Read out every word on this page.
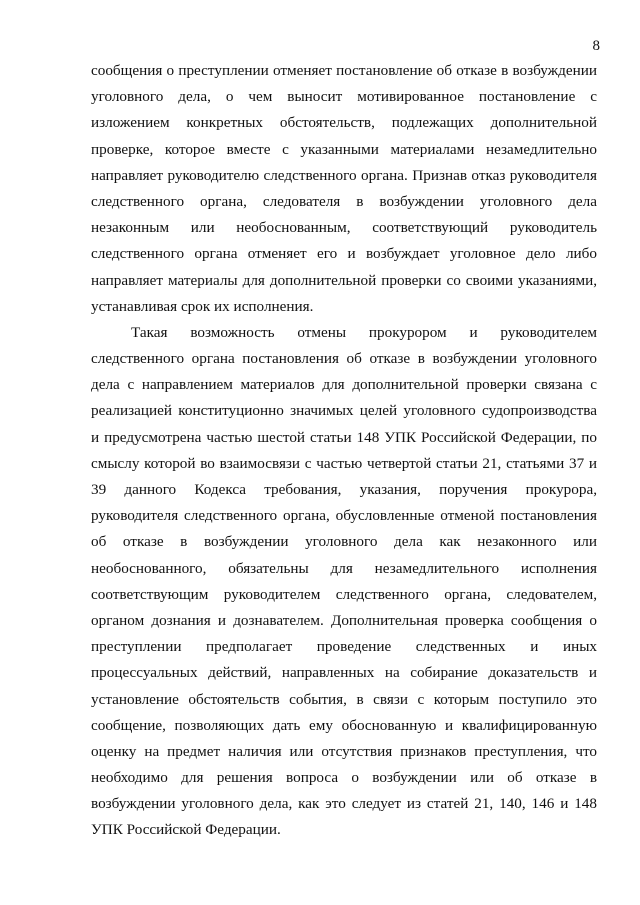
8
сообщения о преступлении отменяет постановление об отказе в возбуждении
уголовного дела, о чем выносит мотивированное постановление с
изложением конкретных обстоятельств, подлежащих дополнительной
проверке, которое вместе с указанными материалами незамедлительно
направляет руководителю следственного органа. Признав отказ руководителя
следственного органа, следователя в возбуждении уголовного дела
незаконным или необоснованным, соответствующий руководитель
следственного органа отменяет его и возбуждает уголовное дело либо
направляет материалы для дополнительной проверки со своими указаниями,
устанавливая срок их исполнения.
Такая возможность отмены прокурором и руководителем
следственного органа постановления об отказе в возбуждении уголовного
дела с направлением материалов для дополнительной проверки связана с
реализацией конституционно значимых целей уголовного судопроизводства
и предусмотрена частью шестой статьи 148 УПК Российской Федерации, по
смыслу которой во взаимосвязи с частью четвертой статьи 21, статьями 37 и
39 данного Кодекса требования, указания, поручения прокурора,
руководителя следственного органа, обусловленные отменой постановления
об отказе в возбуждении уголовного дела как незаконного или
необоснованного, обязательны для незамедлительного исполнения
соответствующим руководителем следственного органа, следователем,
органом дознания и дознавателем. Дополнительная проверка сообщения о
преступлении предполагает проведение следственных и иных
процессуальных действий, направленных на собирание доказательств и
установление обстоятельств события, в связи с которым поступило это
сообщение, позволяющих дать ему обоснованную и квалифицированную
оценку на предмет наличия или отсутствия признаков преступления, что
необходимо для решения вопроса о возбуждении или об отказе в
возбуждении уголовного дела, как это следует из статей 21, 140, 146 и 148
УПК Российской Федерации.
